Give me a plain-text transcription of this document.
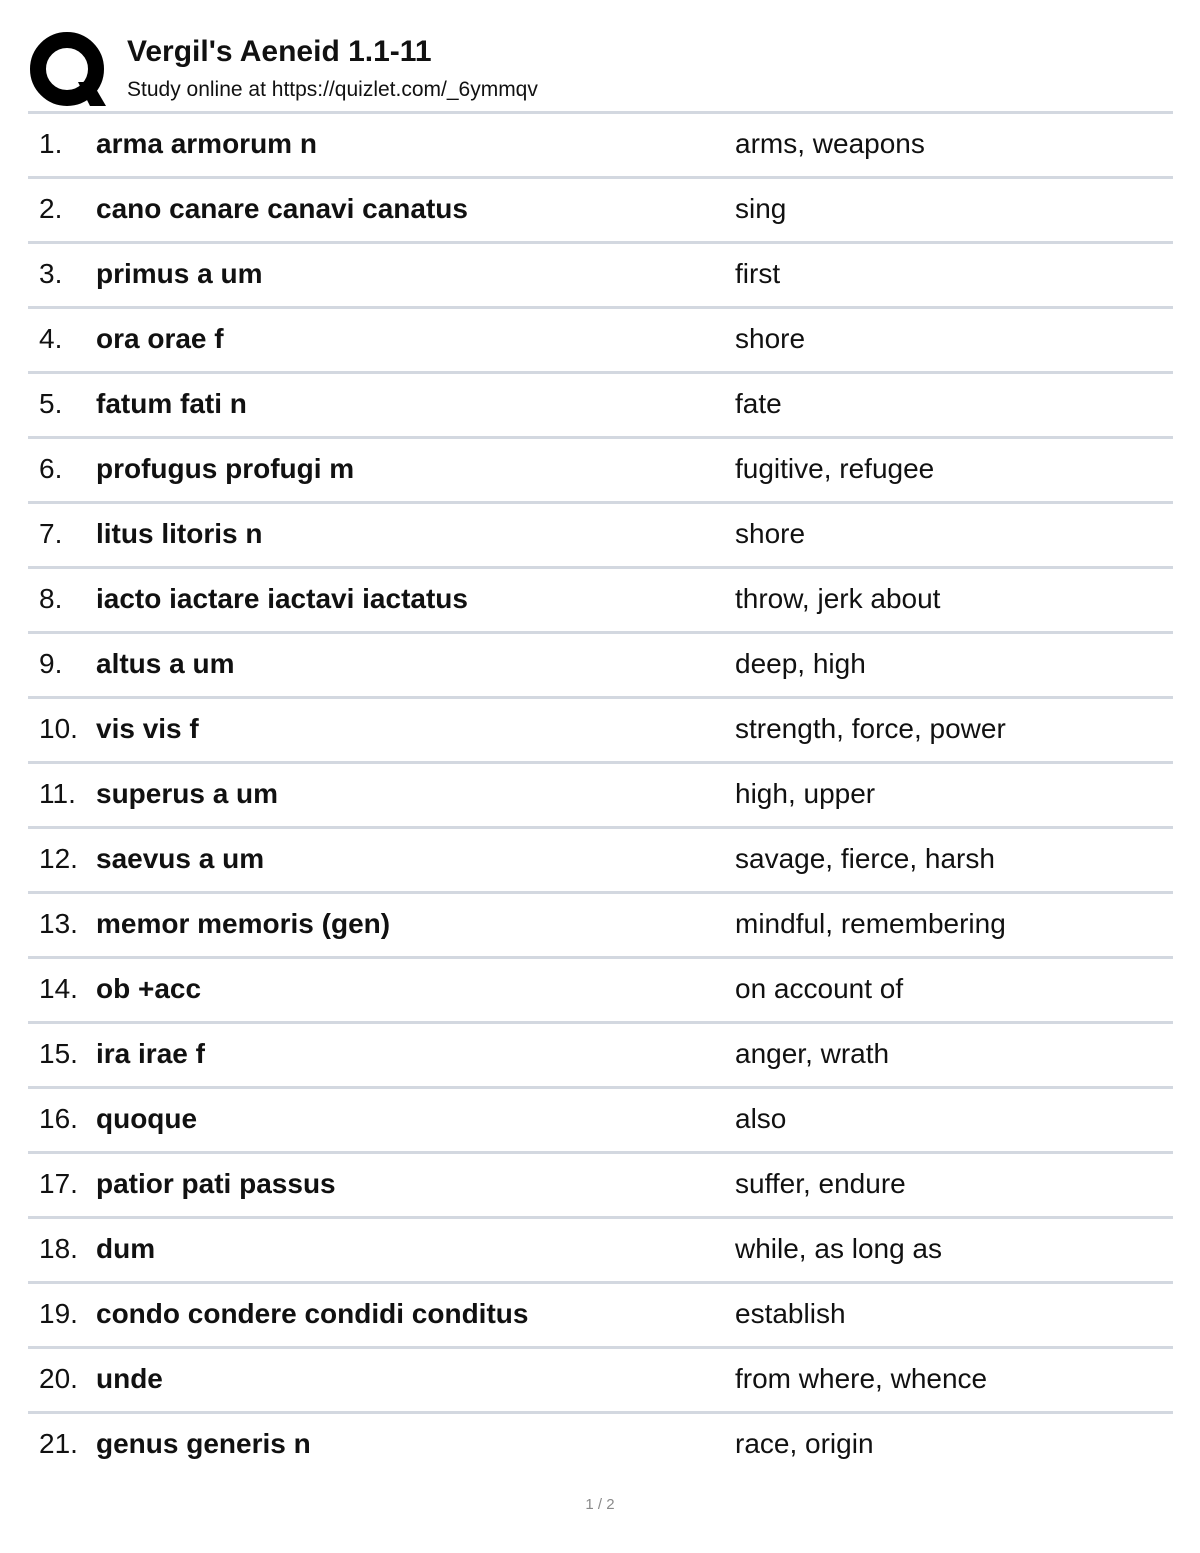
Vergil's Aeneid 1.1-11
Study online at https://quizlet.com/_6ymmqv
1. arma armorum n	arms, weapons
2. cano canare canavi canatus	sing
3. primus a um	first
4. ora orae f	shore
5. fatum fati n	fate
6. profugus profugi m	fugitive, refugee
7. litus litoris n	shore
8. iacto iactare iactavi iactatus	throw, jerk about
9. altus a um	deep, high
10. vis vis f	strength, force, power
11. superus a um	high, upper
12. saevus a um	savage, fierce, harsh
13. memor memoris (gen)	mindful, remembering
14. ob +acc	on account of
15. ira irae f	anger, wrath
16. quoque	also
17. patior pati passus	suffer, endure
18. dum	while, as long as
19. condo condere condidi conditus	establish
20. unde	from where, whence
21. genus generis n	race, origin
1 / 2
